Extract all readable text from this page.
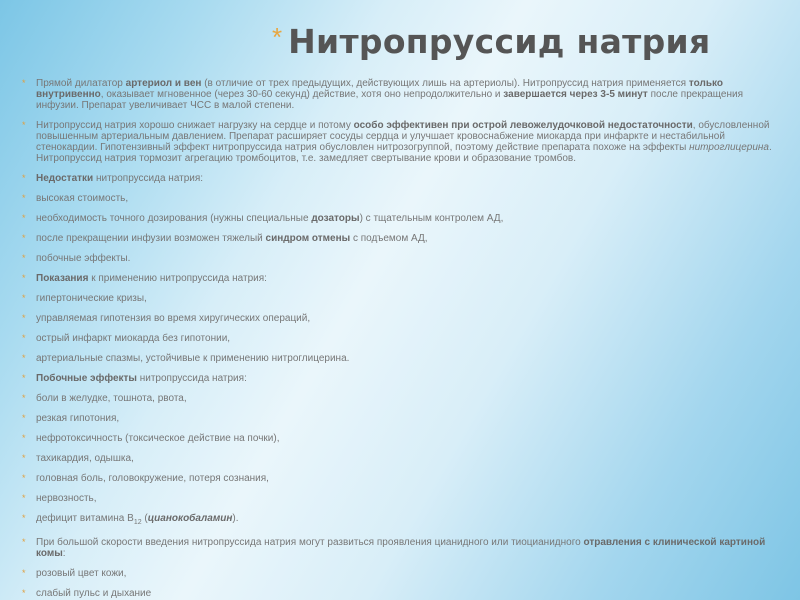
* Нитропруссид натрия
*	Прямой дилататор артериол и вен (в отличие от трех предыдущих, действующих лишь на артериолы). Нитропруссид натрия применяется только внутривенно, оказывает мгновенное (через 30-60 секунд) действие, хотя оно непродолжительно и завершается через 3-5 минут после прекращения инфузии. Препарат увеличивает ЧСС в малой степени.
*	Нитропруссид натрия хорошо снижает нагрузку на сердце и потому особо эффективен при острой левожелудочковой недостаточности, обусловленной повышенным артериальным давлением. Препарат расширяет сосуды сердца и улучшает кровоснабжение миокарда при инфаркте и нестабильной стенокардии. Гипотензивный эффект нитропруссида натрия обусловлен нитрозогруппой, поэтому действие препарата похоже на эффекты нитроглицерина. Нитропруссид натрия тормозит агрегацию тромбоцитов, т.е. замедляет свертывание крови и образование тромбов.
*	Недостатки нитропруссида натрия:
*	высокая стоимость,
*	необходимость точного дозирования (нужны специальные дозаторы) с тщательным контролем АД,
*	после прекращении инфузии возможен тяжелый синдром отмены с подъемом АД,
*	побочные эффекты.
*	Показания к применению нитропруссида натрия:
*	гипертонические кризы,
*	управляемая гипотензия во время хиругических операций,
*	острый инфаркт миокарда без гипотонии,
*	артериальные спазмы, устойчивые к применению нитроглицерина.
*	Побочные эффекты нитропруссида натрия:
*	боли в желудке, тошнота, рвота,
*	резкая гипотония,
*	нефротоксичность (токсическое действие на почки),
*	тахикардия, одышка,
*	головная боль, головокружение, потеря сознания,
*	нервозность,
*	дефицит витамина $B_{12}$ (цианокобаламин).
*	При большой скорости введения нитропруссида натрия могут развиться проявления цианидного или тиоцианидного отравления с клинической картиной комы:
*	розовый цвет кожи,
*	слабый пульс и дыхание
